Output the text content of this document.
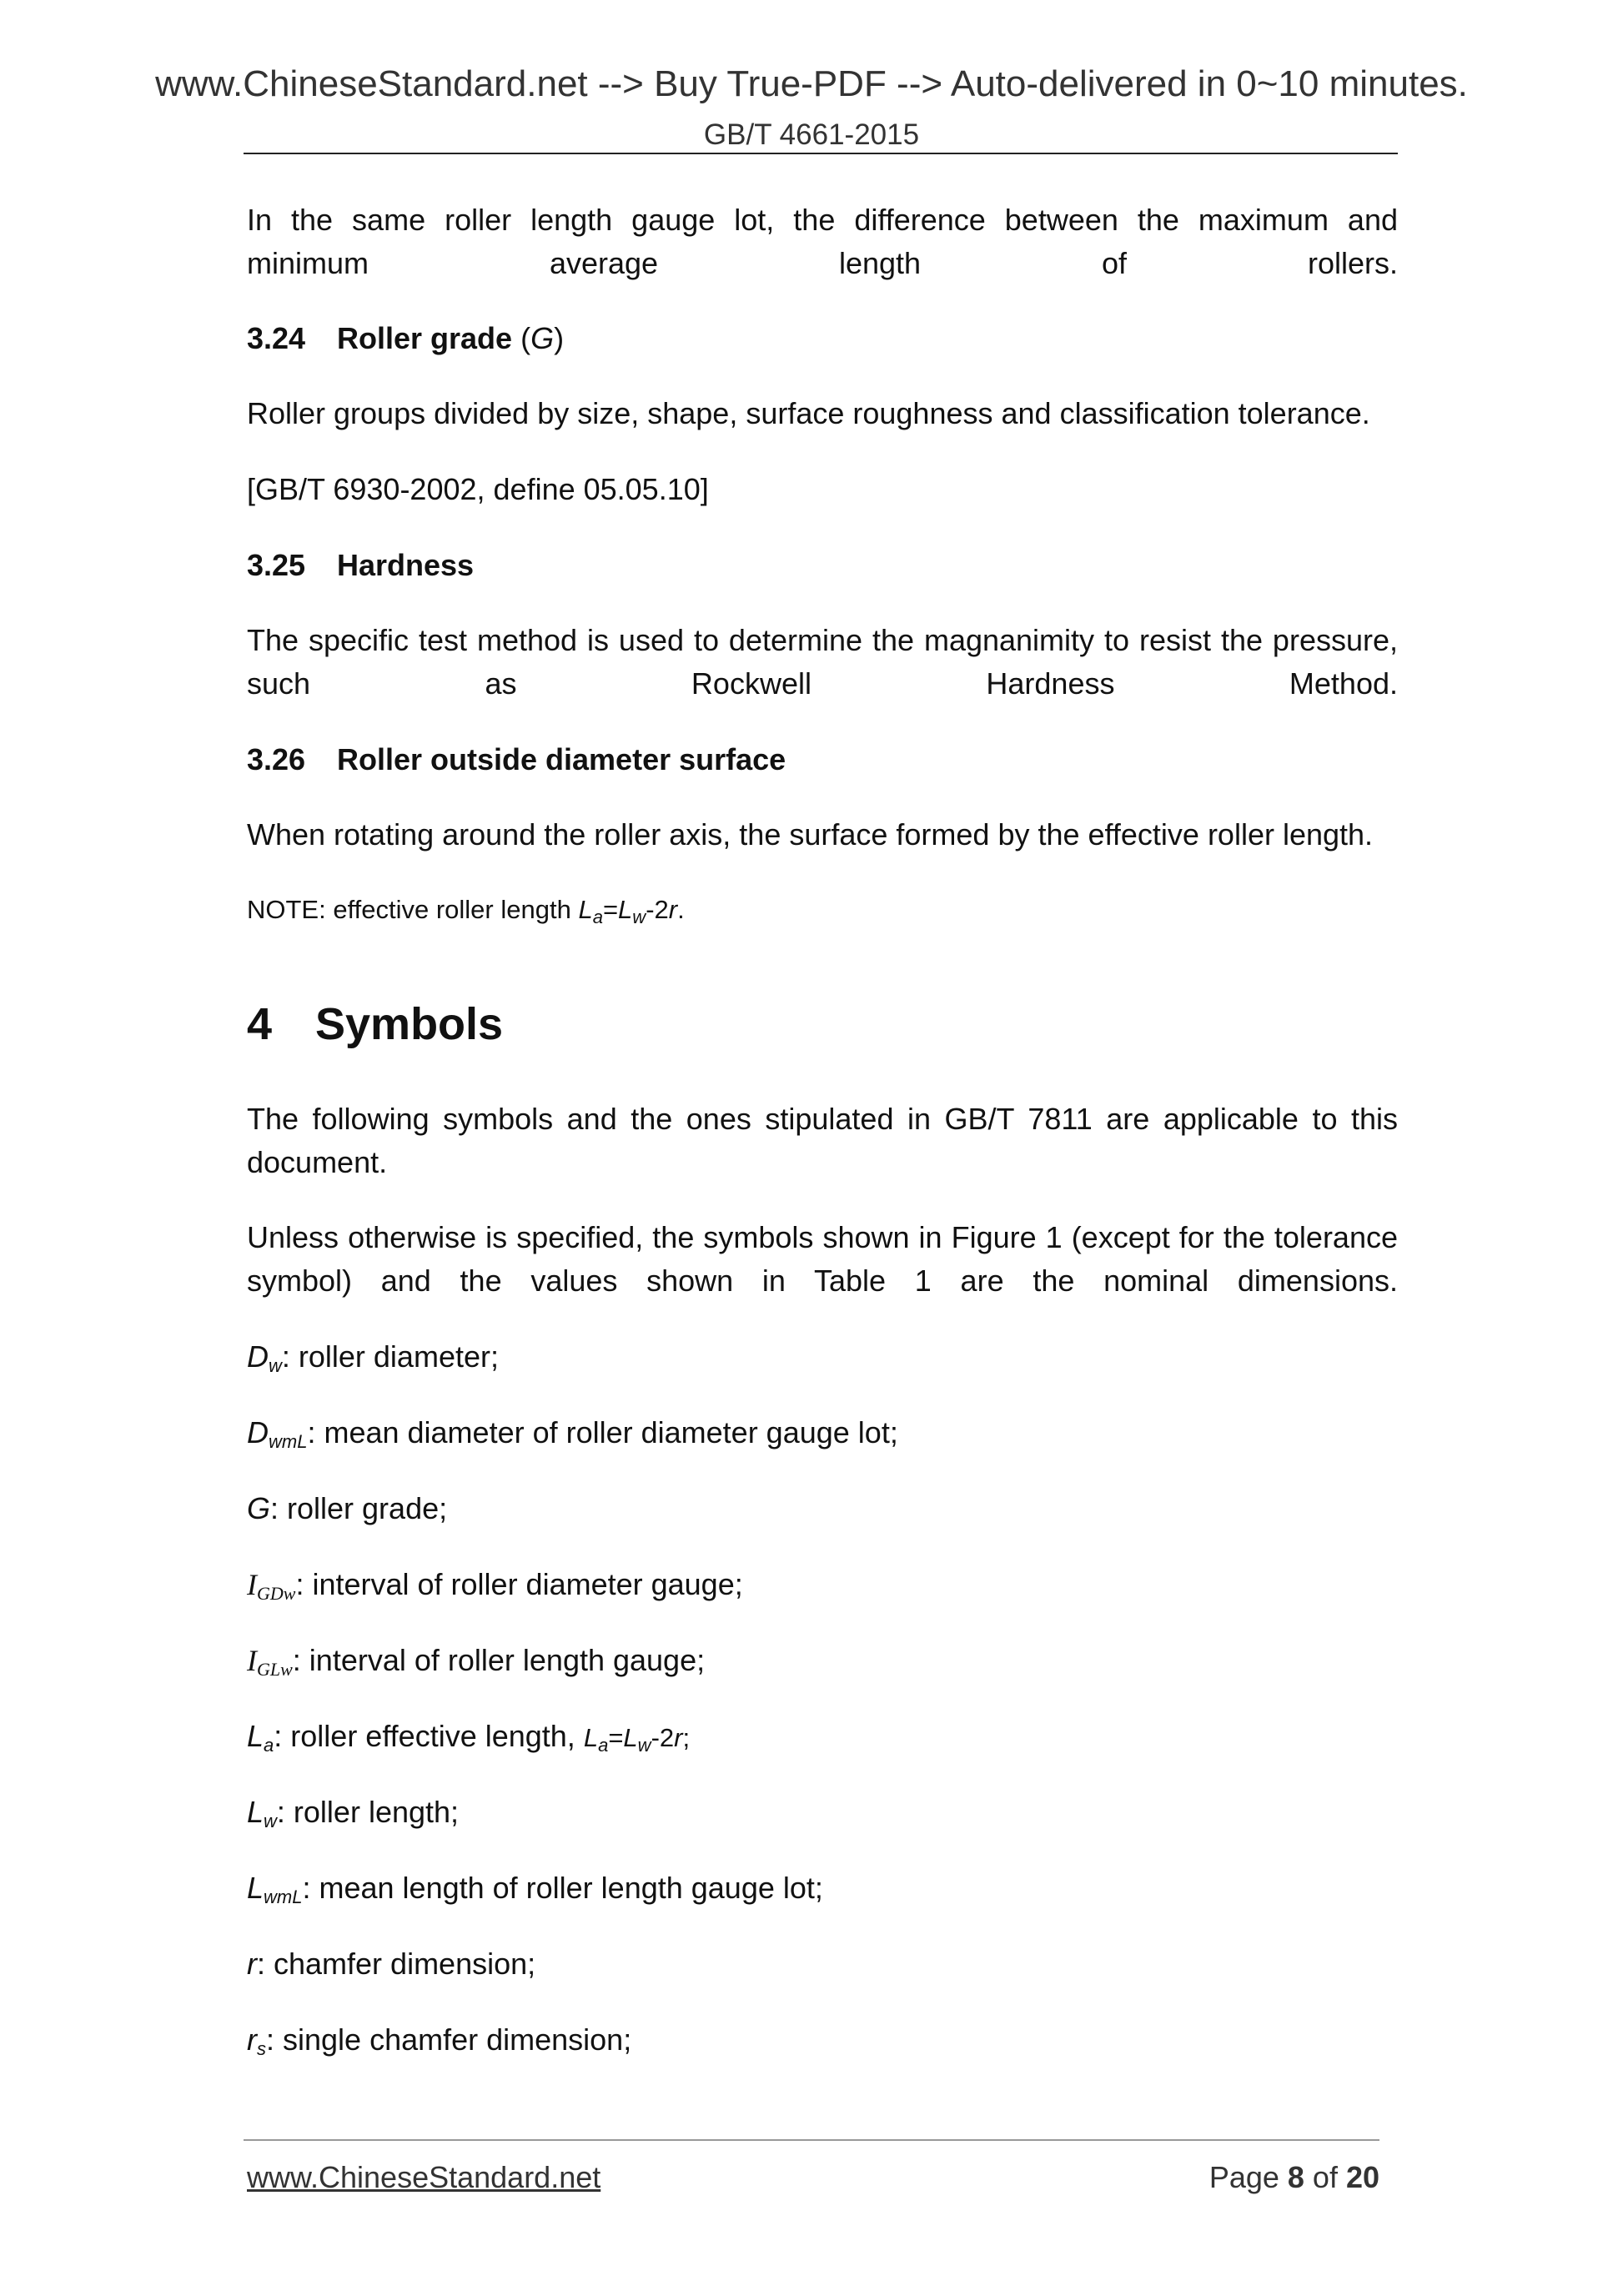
www.ChineseStandard.net --> Buy True-PDF --> Auto-delivered in 0~10 minutes.
GB/T 4661-2015

In the same roller length gauge lot, the difference between the maximum and minimum average length of rollers.

3.24 Roller grade (G)

Roller groups divided by size, shape, surface roughness and classification tolerance.

[GB/T 6930-2002, define 05.05.10]

3.25 Hardness

The specific test method is used to determine the magnanimity to resist the pressure, such as Rockwell Hardness Method.

3.26 Roller outside diameter surface

When rotating around the roller axis, the surface formed by the effective roller length.

NOTE: effective roller length $L_a=L_w-2r$.
4 Symbols

The following symbols and the ones stipulated in GB/T 7811 are applicable to this document.

Unless otherwise is specified, the symbols shown in Figure 1 (except for the tolerance symbol) and the values shown in Table 1 are the nominal dimensions.

$D_w$: roller diameter;
$D_{wmL}$: mean diameter of roller diameter gauge lot;
G: roller grade;
$I_{GDw}$: interval of roller diameter gauge;
$I_{GLw}$: interval of roller length gauge;
$L_a$: roller effective length, $L_a=L_w-2r$;
$L_w$: roller length;
$L_{wmL}$: mean length of roller length gauge lot;
r: chamfer dimension;
$r_s$: single chamfer dimension;
www.ChineseStandard.net	Page 8 of 20
